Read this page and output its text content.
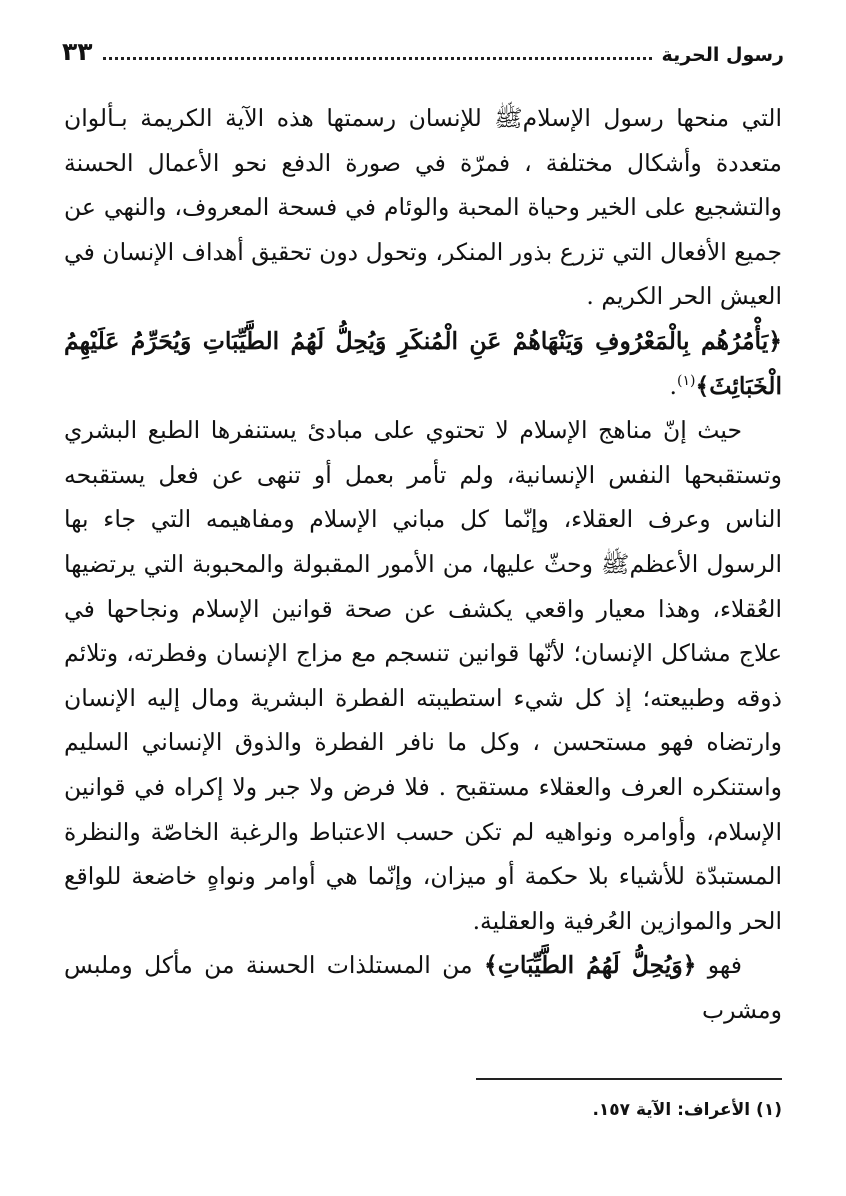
رسول الحرية
٣٣

التي منحها رسول الإسلامﷺ للإنسان رسمتها هذه الآية الكريمة بـألوان متعددة وأشكال مختلفة ، فمرّة في صورة الدفع نحو الأعمال الحسنة والتشجيع على الخير وحياة المحبة والوئام في فسحة المعروف، والنهي عن جميع الأفعال التي تزرع بذور المنكر، وتحول دون تحقيق أهداف الإنسان في العيش الحر الكريم .

﴿يَأْمُرُهُم بِالْمَعْرُوفِ وَيَنْهَاهُمْ عَنِ الْمُنكَرِ وَيُحِلُّ لَهُمُ الطَّيِّبَاتِ وَيُحَرِّمُ عَلَيْهِمُ الْخَبَائِثَ﴾$^{(١)}$.

حيث إنّ مناهج الإسلام لا تحتوي على مبادئ يستنفرها الطبع البشري وتستقبحها النفس الإنسانية، ولم تأمر بعمل أو تنهى عن فعل يستقبحه الناس وعرف العقلاء، وإنّما كل مباني الإسلام ومفاهيمه التي جاء بها الرسول الأعظمﷺ وحثّ عليها، من الأمور المقبولة والمحبوبة التي يرتضيها العُقلاء، وهذا معيار واقعي يكشف عن صحة قوانين الإسلام ونجاحها في علاج مشاكل الإنسان؛ لأنّها قوانين تنسجم مع مزاج الإنسان وفطرته، وتلائم ذوقه وطبيعته؛ إذ كل شيء استطيبته الفطرة البشرية ومال إليه الإنسان وارتضاه فهو مستحسن ، وكل ما نافر الفطرة والذوق الإنساني السليم واستنكره العرف والعقلاء مستقبح . فلا فرض ولا جبر ولا إكراه في قوانين الإسلام، وأوامره ونواهيه لم تكن حسب الاعتباط والرغبة الخاصّة والنظرة المستبدّة للأشياء بلا حكمة أو ميزان، وإنّما هي أوامر ونواهٍ خاضعة للواقع الحر والموازين العُرفية والعقلية.

فهو ﴿وَيُحِلُّ لَهُمُ الطَّيِّبَاتِ﴾ من المستلذات الحسنة من مأكل وملبس ومشرب

(١) الأعراف: الآية ١٥٧.
